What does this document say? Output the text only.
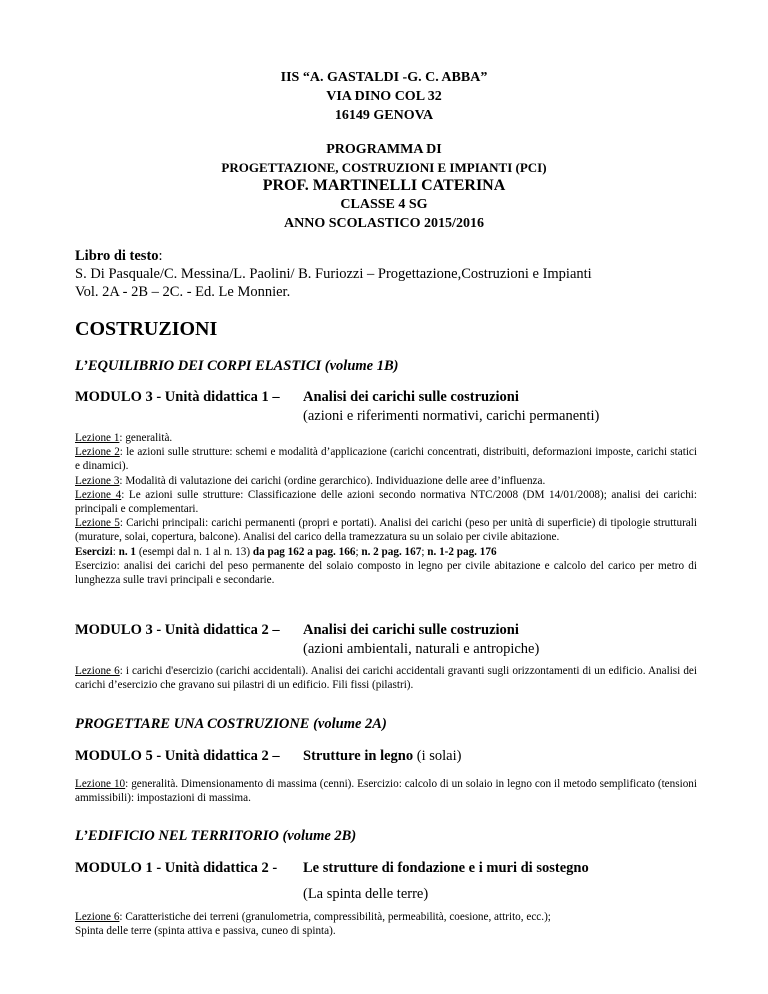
IIS “A. GASTALDI -G. C. ABBA”
VIA DINO COL 32
16149 GENOVA
PROGRAMMA DI
PROGETTAZIONE, COSTRUZIONI E IMPIANTI (PCI)
PROF. MARTINELLI CATERINA
CLASSE 4 SG
ANNO SCOLASTICO 2015/2016
Libro di testo:
S. Di Pasquale/C. Messina/L. Paolini/ B. Furiozzi – Progettazione,Costruzioni e Impianti
Vol. 2A - 2B – 2C. - Ed. Le Monnier.
COSTRUZIONI
L’EQUILIBRIO DEI CORPI ELASTICI (volume 1B)
MODULO 3 - Unità didattica 1 – Analisi dei carichi sulle costruzioni
(azioni e riferimenti normativi, carichi permanenti)

Lezione 1: generalità.

Lezione 2: le azioni sulle strutture: schemi e modalità d’applicazione (carichi concentrati, distribuiti, deformazioni imposte, carichi statici e dinamici).

Lezione 3: Modalità di valutazione dei carichi (ordine gerarchico). Individuazione delle aree d’influenza.

Lezione 4: Le azioni sulle strutture: Classificazione delle azioni secondo normativa NTC/2008 (DM 14/01/2008); analisi dei carichi: principali e complementari.

Lezione 5: Carichi principali: carichi permanenti (propri e portati). Analisi dei carichi (peso per unità di superficie) di tipologie strutturali (murature, solai, copertura, balcone). Analisi del carico della tramezzatura su un solaio per civile abitazione.

Esercizi: n. 1 (esempi dal n. 1 al n. 13) da pag 162 a pag. 166; n. 2 pag. 167; n. 1-2 pag. 176

Esercizio: analisi dei carichi del peso permanente del solaio composto in legno per civile abitazione e calcolo del carico per metro di lunghezza sulle travi principali e secondarie.

MODULO 3 - Unità didattica 2 – Analisi dei carichi sulle costruzioni
(azioni ambientali, naturali e antropiche)

Lezione 6: i carichi d'esercizio (carichi accidentali). Analisi dei carichi accidentali gravanti sugli orizzontamenti di un edificio. Analisi dei carichi d’esercizio che gravano sui pilastri di un edificio. Fili fissi (pilastri).

PROGETTARE UNA COSTRUZIONE (volume 2A)
MODULO 5 - Unità didattica 2 – Strutture in legno (i solai)

Lezione 10: generalità. Dimensionamento di massima (cenni). Esercizio: calcolo di un solaio in legno con il metodo semplificato (tensioni ammissibili): impostazioni di massima.

L’EDIFICIO NEL TERRITORIO (volume 2B)
MODULO 1 - Unità didattica 2 - Le strutture di fondazione e i muri di sostegno
(La spinta delle terre)

Lezione 6: Caratteristiche dei terreni (granulometria, compressibilità, permeabilità, coesione, attrito, ecc.);

Spinta delle terre (spinta attiva e passiva, cuneo di spinta).
